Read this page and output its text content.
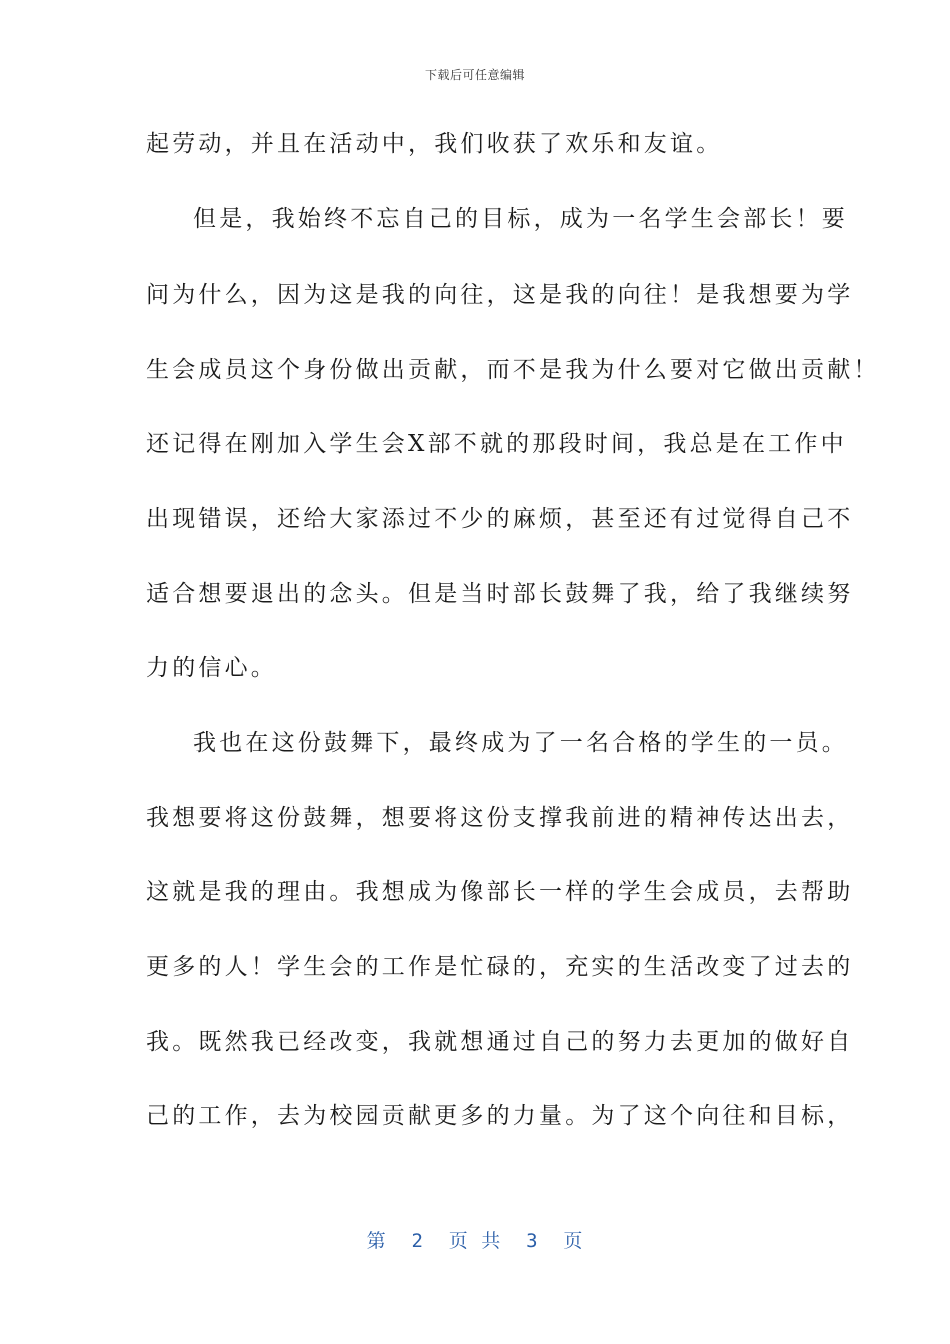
下载后可任意编辑
起劳动，并且在活动中，我们收获了欢乐和友谊。
但是，我始终不忘自己的目标，成为一名学生会部长！要
问为什么，因为这是我的向往，这是我的向往！是我想要为学
生会成员这个身份做出贡献，而不是我为什么要对它做出贡献！
还记得在刚加入学生会X部不就的那段时间，我总是在工作中
出现错误，还给大家添过不少的麻烦，甚至还有过觉得自己不
适合想要退出的念头。但是当时部长鼓舞了我，给了我继续努
力的信心。
我也在这份鼓舞下，最终成为了一名合格的学生的一员。
我想要将这份鼓舞，想要将这份支撑我前进的精神传达出去，
这就是我的理由。我想成为像部长一样的学生会成员，去帮助
更多的人！学生会的工作是忙碌的，充实的生活改变了过去的
我。既然我已经改变，我就想通过自己的努力去更加的做好自
己的工作，去为校园贡献更多的力量。为了这个向往和目标，
第  2  页 共  3  页
